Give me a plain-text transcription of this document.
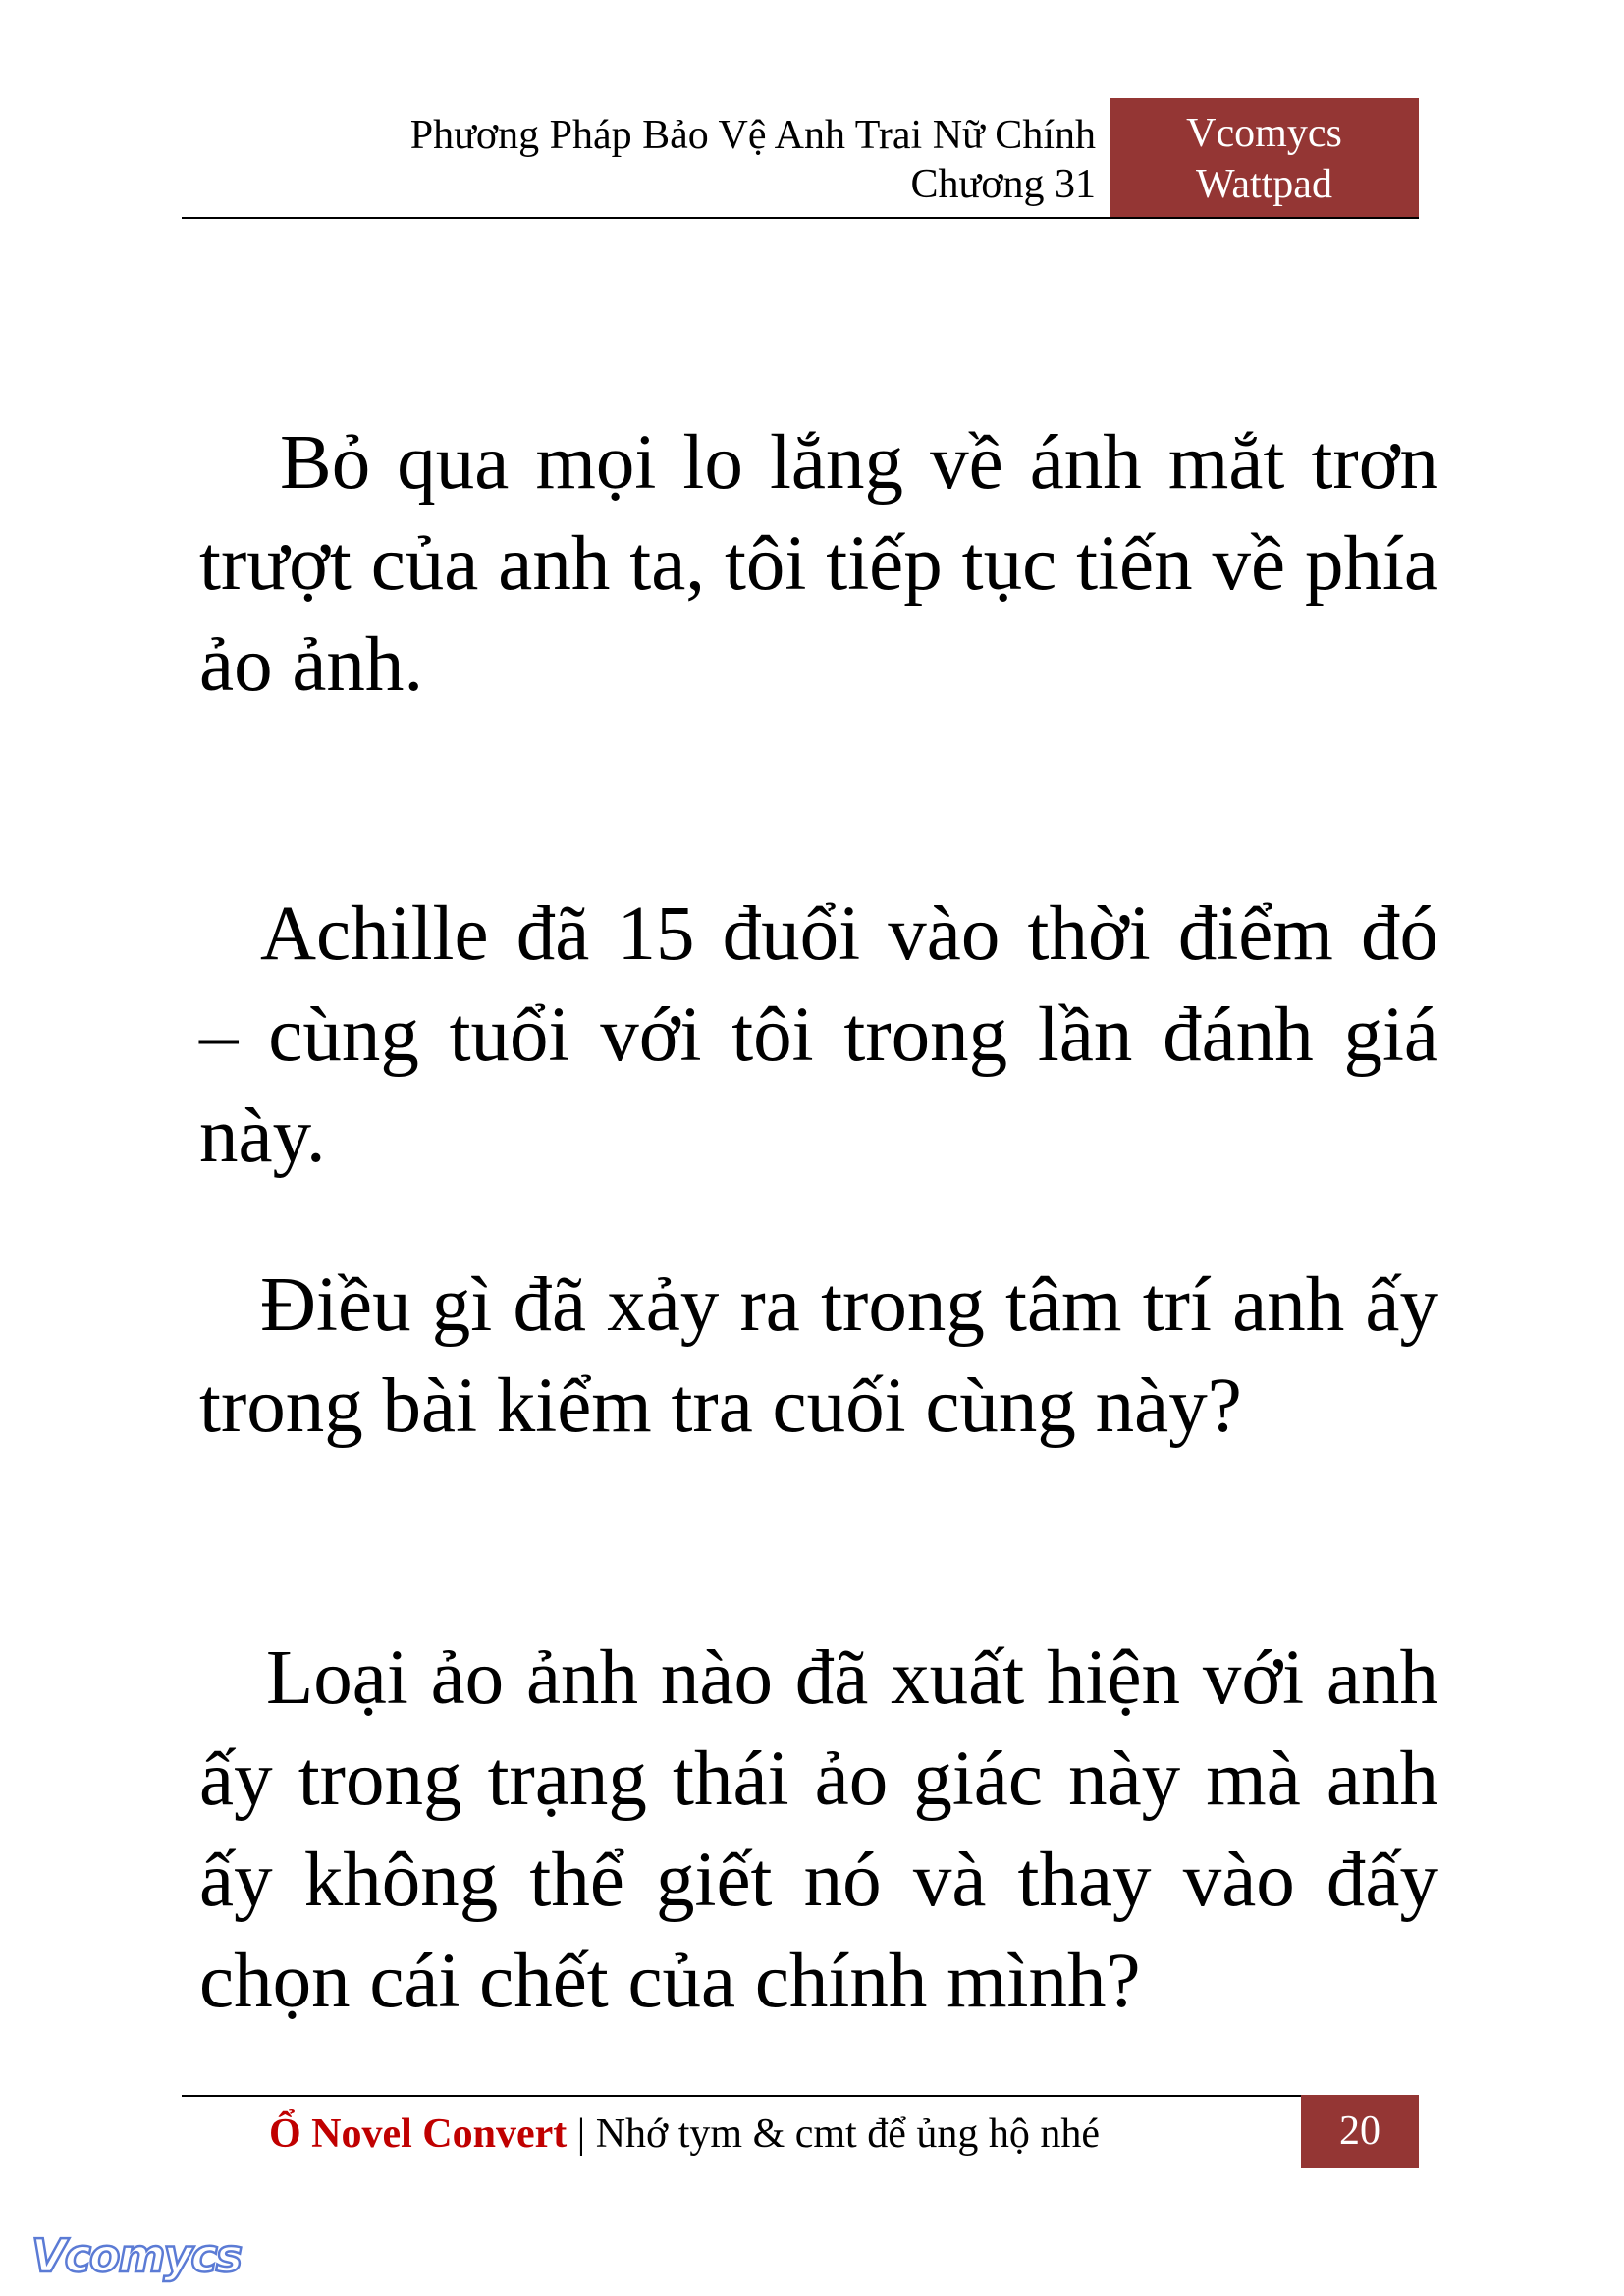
Phương Pháp Bảo Vệ Anh Trai Nữ Chính
Chương 31
Vcomycs
Wattpad

Bỏ qua mọi lo lắng về ánh mắt trơn trượt của anh ta, tôi tiếp tục tiến về phía ảo ảnh.

Achille đã 15 đuổi vào thời điểm đó – cùng tuổi với tôi trong lần đánh giá này.

Điều gì đã xảy ra trong tâm trí anh ấy trong bài kiểm tra cuối cùng này?

Loại ảo ảnh nào đã xuất hiện với anh ấy trong trạng thái ảo giác này mà anh ấy không thể giết nó và thay vào đấy chọn cái chết của chính mình?

Ổ Novel Convert | Nhớ tym & cmt để ủng hộ nhé	20
Vcomycs
